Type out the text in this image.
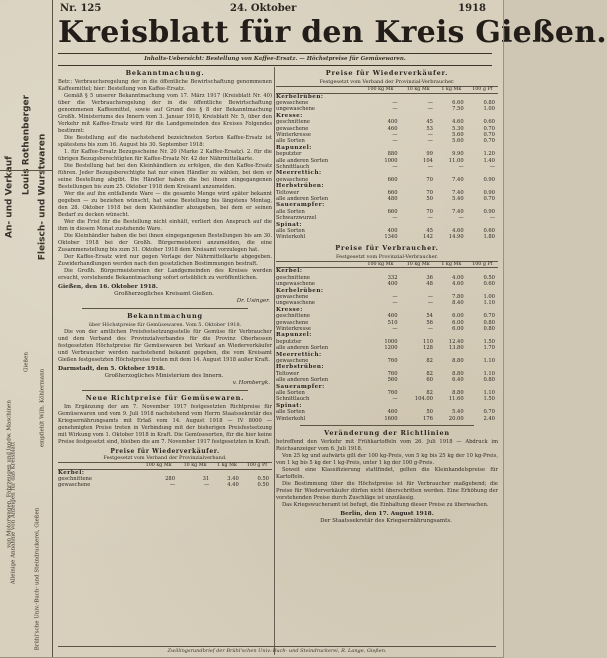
An- und Verkauf
von Motorwagen, Fahrzeugen und landw. Maschinen
Louis Rothenberger
Gießen
Fleisch- und Wurstwaren
empfiehlt Wilh. Köhlermann
Alleinige Annahme von Anzeigen für das Kreisblatt	Brühl'sche Univ.-Buch- und Steindruckerei, Gießen
Nr. 125	24. Oktober	1918
Kreisblatt für den Kreis Gießen.
Inhalts-Uebersicht: Bestellung von Kaffee-Ersatz. — Höchstpreise für Gemüsewaren.
Bekanntmachung.

Betr.: Verbrauchsregelung der in die öffentliche Bewirtschaftung genommenen Kaffeemittel; hier: Bestellung von Kaffee-Ersatz.

Gemäß § 5 unserer Bekanntmachung vom 17. März 1917 (Kreisblatt Nr. 40) über die Verbrauchsregelung der in die öffentliche Bewirtschaftung genommenen Kaffeemittel, sowie auf Grund des § 8 der Bekanntmachung Großh. Ministeriums des Innern vom 3. Januar 1918, Kreisblatt Nr. 5, über den Verkehr mit Kaffee-Ersatz wird für die Landgemeinden des Kreises Folgendes bestimmt:

Die Bestellung auf die nachstehend bezeichneten Sorten Kaffee-Ersatz ist spätestens bis zum 16. August bis 30. September 1918:

1. für Kaffee-Ersatz Bezugsscheine Nr. 20 (Marke 2 Kaffee-Ersatz). 2. für die übrigen Bezugsberechtigten für Kaffee-Ersatz Nr. 42 der Nährmittelkarte.

Die Bestellung hat bei den Kleinhändlern zu erfolgen, die den Kaffee-Ersatz führen. Jeder Bezugsberechtigte hat nur einen Händler zu wählen, bei dem er seine Bestellung abgibt. Die Händler haben die bei ihnen eingegangenen Bestellungen bis zum 25. Oktober 1918 dem Kreisamt anzumelden.

Wer die auf ihn entfallende Ware — die gesamte Menge wird später bekannt gegeben — zu beziehen wünscht, hat seine Bestellung bis längstens Montag, den 28. Oktober 1918 bei dem Kleinhändler abzugeben, bei dem er seinen Bedarf zu decken wünscht.

Wer die Frist für die Bestellung nicht einhält, verliert den Anspruch auf die ihm in diesem Monat zustehende Ware.

Die Kleinhändler haben die bei ihnen eingegangenen Bestellungen bis am 30. Oktober 1918 bei der Großh. Bürgermeisterei anzumelden, die eine Zusammenstellung bis zum 31. Oktober 1918 dem Kreisamt vorzulegen hat.

Der Kaffee-Ersatz wird nur gegen Vorlage der Nährmittelkarte abgegeben. Zuwiderhandlungen werden nach den gesetzlichen Bestimmungen bestraft.

Die Großh. Bürgermeistereien der Landgemeinden des Kreises werden ersucht, vorstehende Bekanntmachung sofort ortsüblich zu veröffentlichen.

Gießen, den 16. Oktober 1918.
Großherzogliches Kreisamt Gießen.
Dr. Usinger.
Bekanntmachung
über Höchstpreise für Gemüsewaren. Vom 5. Oktober 1918.

Die von der amtlichen Preisfestsetzungsstelle für Gemüse für Verbraucher und dem Verband des Provinzialverbandes für die Provinz Oberhessen festgesetzten Höchstpreise für Gemüsewaren bei Verkauf an Wiederverkäufer und Verbraucher werden nachstehend bekannt gegeben, die vom Kreisamt Gießen festgesetzten Höchstpreise treten mit dem 14. August 1918 außer Kraft.

Darmstadt, den 5. Oktober 1918.
Großherzogliches Ministerium des Innern.
v. Hombergk.
Neue Richtpreise für Gemüsewaren.

Im Ergänzung der am 7. November 1917 festgesetzten Richtpreise für Gemüsewaren und vom 9. Juli 1918 nachstehend vom Herrn Staatssekretär des Kriegsernährungsamts mit Erlaß vom 14. August 1918 — IV 8000 — genehmigten Preise treten in Verbindung mit der bisherigen Preisfestsetzung mit Wirkung vom 1. Oktober 1918 in Kraft. Die Gemüsesorten, für die hier keine Preise festgesetzt sind, bleiben die am 7. November 1917 festgesetzten in Kraft.

Preise für Wiederverkäufer.
Festgesetzt vom Verband der Provinzialverband.
	100 kg Mk	10 kg Mk	1 kg Mk	100 g Pf
Kerbel:				
geschnittene	280	31	3.40	0.50
gewaschene	—	—	4.40	0.50
Preise für Wiederverkäufer.
Festgesetzt vom Verband der Provinzial-Verbraucher.
	100 kg Mk	10 kg Mk	1 kg Mk	100 g Pf
Kerbelrüben:				
gewaschene	—	—	6.60	0.80
ungewaschene	—	—	7.50	1.00
Kresse:				
geschnittene	400	45	4.60	0.60
gewaschene	460	53	5.30	0.70
Winterkresse	—	—	5.60	0.70
alle Sorten	—	—	5.60	0.70
Rapunzel:				
beputzter	880	99	9.90	1.20
alle anderen Sorten	1000	104	11.00	1.40
Schnittlauch	—	—	—	—
Meerrettich:				
gewaschene	660	70	7.40	0.90
Herbstrüben:				
Teltower	660	70	7.40	0.90
alle anderen Sorten	480	50	5.40	0.70
Sauerampfer:				
alle Sorten	660	70	7.40	0.90
Schwarzwurzel	—	—	—	—
Spinat:				
alle Sorten	400	45	4.60	0.60
Winterkohl	1340	142	14.90	1.80
Preise für Verbraucher.
Festgesetzt vom Provinzial-Verbraucher.
	100 kg Mk	10 kg Mk	1 kg Mk	100 g Pf
Kerbel:				
geschnittene	332	36	4.00	0.50
ungewaschene	400	48	4.60	0.60
Kerbelrüben:				
gewaschene	—	—	7.80	1.00
ungewaschene	—	—	8.40	1.10
Kresse:				
geschnittene	460	54	6.00	0.70
gewaschene	510	56	6.00	0.80
Winterkresse	—	—	6.00	0.80
Rapunzel:				
beputzter	1000	110	12.40	1.50
alle anderen Sorten	1200	128	13.80	1.70
Meerrettich:				
gewaschene	760	82	8.80	1.10
Herbstrüben:				
Teltower	760	82	8.80	1.10
alle anderen Sorten	560	60	6.40	0.80
Sauerampfer:				
alle Sorten	760	82	8.80	1.10
Schnittlauch	—	104.00	11.60	1.50
Spinat:				
alle Sorten	460	50	5.40	0.70
Winterkohl	1600	176	20.00	2.40
Veränderung der Richtlinien

betreffend den Verkehr mit Frühkartoffeln vom 26. Juli 1918 — Abdruck im Reichsanzeiger vom 6. Juli 1918.

Von 25 kg und aufwärts gilt der 100 kg-Preis, von 5 kg bis 25 kg der 10 kg-Preis, von 1 kg bis 5 kg der 1 kg-Preis, unter 1 kg der 100 g-Preis.

Soweit eine Klassifizierung stattfindet, gelten die Kleinhandelspreise für Kartoffeln.

Die Bestimmung über die Höchstpreise ist für Verbraucher maßgebend; die Preise für Wiederverkäufer dürfen nicht überschritten werden. Eine Erhöhung der vorstehenden Preise durch Zuschläge ist unzulässig.

Das Kriegswucheramt ist befugt, die Einhaltung dieser Preise zu überwachen.

Berlin, den 17. August 1918.
Der Staatssekretär des Kriegsernährungsamts.
Zwillingsrundbrief der Brühl'schen Univ.-Buch- und Steindruckerei, R. Lange, Gießen.
